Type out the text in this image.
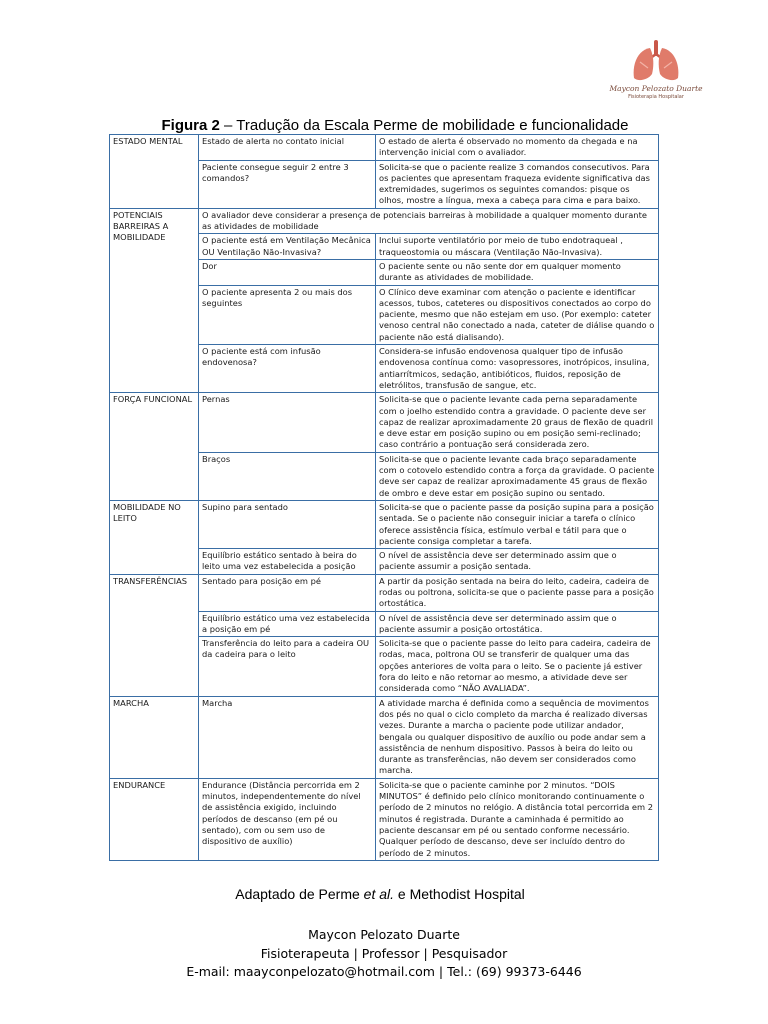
Maycon Pelozato Duarte
Fisioterapia Hospitalar
Figura 2 – Tradução da Escala Perme de mobilidade e funcionalidade
ESTADO MENTAL	Estado de alerta no contato inicial	O estado de alerta é observado no momento da chegada e na intervenção inicial com o avaliador.
	Paciente consegue seguir 2 entre 3 comandos?	Solicita-se que o paciente realize 3 comandos consecutivos. Para os pacientes que apresentam fraqueza evidente significativa das extremidades, sugerimos os seguintes comandos: pisque os olhos, mostre a língua, mexa a cabeça para cima e para baixo.
POTENCIAIS BARREIRAS A MOBILIDADE	O avaliador deve considerar a presença de potenciais barreiras à mobilidade a qualquer momento durante as atividades de mobilidade	
	O paciente está em Ventilação Mecânica OU Ventilação Não-Invasiva?	Inclui suporte ventilatório por meio de tubo endotraqueal , traqueostomia ou máscara (Ventilação Não-Invasiva).
	Dor	O paciente sente ou não sente dor em qualquer momento durante as atividades de mobilidade.
	O paciente apresenta 2 ou mais dos seguintes	O Clínico deve examinar com atenção o paciente e identificar acessos, tubos, cateteres ou dispositivos conectados ao corpo do paciente, mesmo que não estejam em uso. (Por exemplo: cateter venoso central não conectado a nada, cateter de diálise quando o paciente não está dialisando).
	O paciente está com infusão endovenosa?	Considera-se infusão endovenosa qualquer tipo de infusão endovenosa contínua como: vasopressores, inotrópicos, insulina, antiarrítmicos, sedação, antibióticos, fluidos, reposição de eletrólitos, transfusão de sangue, etc.
FORÇA FUNCIONAL	Pernas	Solicita-se que o paciente levante cada perna separadamente com o joelho estendido contra a gravidade. O paciente deve ser capaz de realizar aproximadamente 20 graus de flexão de quadril e deve estar em posição supino ou em posição semi-reclinado; caso contrário a pontuação será considerada zero.
	Braços	Solicita-se que o paciente levante cada braço separadamente com o cotovelo estendido contra a força da gravidade. O paciente deve ser capaz de realizar aproximadamente 45 graus de flexão de ombro e deve estar em posição supino ou sentado.
MOBILIDADE NO LEITO	Supino para sentado	Solicita-se que o paciente passe da posição supina para a posição sentada. Se o paciente não conseguir iniciar a tarefa o clínico oferece assistência física, estímulo verbal e tátil para que o paciente consiga completar a tarefa.
	Equilíbrio estático sentado à beira do leito uma vez estabelecida a posição	O nível de assistência deve ser determinado assim que o paciente assumir a posição sentada.
TRANSFERÊNCIAS	Sentado para posição em pé	A partir da posição sentada na beira do leito, cadeira, cadeira de rodas ou poltrona, solicita-se que o paciente passe para a posição ortostática.
	Equilíbrio estático uma vez estabelecida a posição em pé	O nível de assistência deve ser determinado assim que o paciente assumir a posição ortostática.
	Transferência do leito para a cadeira OU da cadeira para o leito	Solicita-se que o paciente passe do leito para cadeira, cadeira de rodas, maca, poltrona OU se transferir de qualquer uma das opções anteriores de volta para o leito. Se o paciente já estiver fora do leito e não retornar ao mesmo, a atividade deve ser considerada como “NÃO AVALIADA”.
MARCHA	Marcha	A atividade marcha é definida como a sequência de movimentos dos pés no qual o ciclo completo da marcha é realizado diversas vezes. Durante a marcha o paciente pode utilizar andador, bengala ou qualquer dispositivo de auxílio ou pode andar sem a assistência de nenhum dispositivo. Passos à beira do leito ou durante as transferências, não devem ser considerados como marcha.
ENDURANCE	Endurance (Distância percorrida em 2 minutos, independentemente do nível de assistência exigido, incluindo períodos de descanso (em pé ou sentado), com ou sem uso de dispositivo de auxílio)	Solicita-se que o paciente caminhe por 2 minutos. “DOIS MINUTOS” é definido pelo clínico monitorando continuamente o período de 2 minutos no relógio. A distância total percorrida em 2 minutos é registrada. Durante a caminhada é permitido ao paciente descansar em pé ou sentado conforme necessário. Qualquer período de descanso, deve ser incluído dentro do período de 2 minutos.
Adaptado de Perme et al. e Methodist Hospital
Maycon Pelozato Duarte
Fisioterapeuta | Professor | Pesquisador
E-mail: maayconpelozato@hotmail.com | Tel.: (69) 99373-6446
